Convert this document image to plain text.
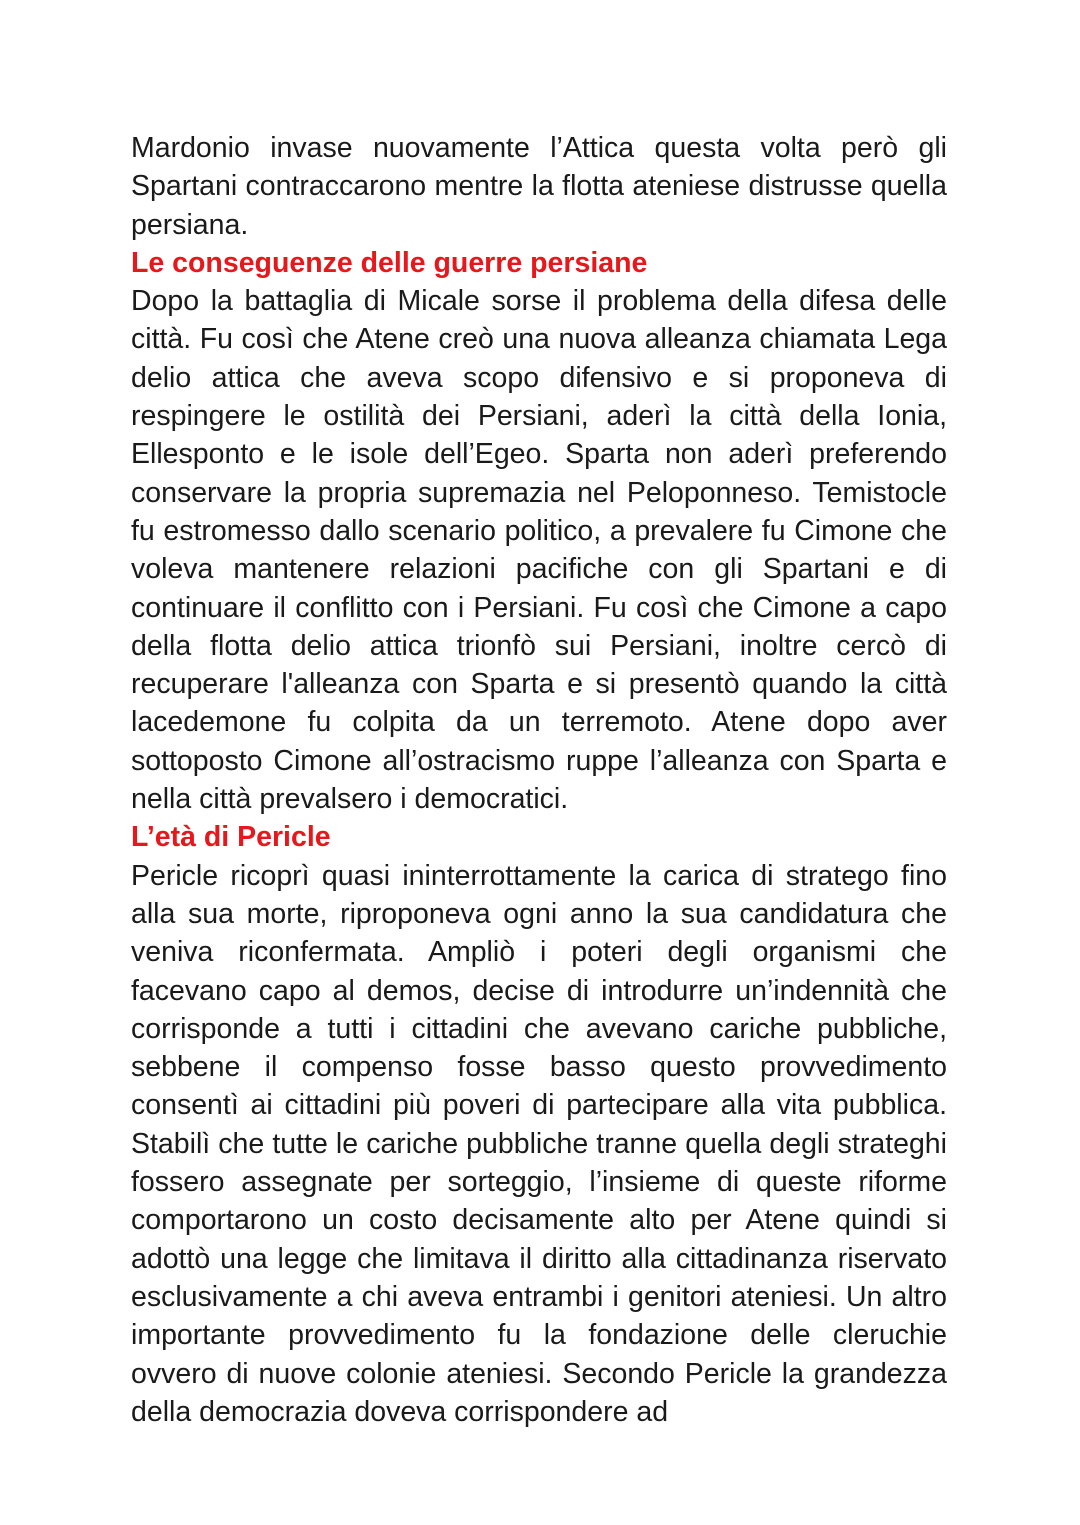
Mardonio invase nuovamente l’Attica questa volta però gli Spartani contraccarono mentre la flotta ateniese distrusse quella persiana.

Le conseguenze delle guerre persiane

Dopo la battaglia di Micale sorse il problema della difesa delle città. Fu così che Atene creò una nuova alleanza chiamata Lega delio attica che aveva scopo difensivo e si proponeva di respingere le ostilità dei Persiani, aderì la città della Ionia, Ellesponto e le isole dell’Egeo. Sparta non aderì preferendo conservare la propria supremazia nel Peloponneso. Temistocle fu estromesso dallo scenario politico, a prevalere fu Cimone che voleva mantenere relazioni pacifiche con gli Spartani e di continuare il conflitto con i Persiani. Fu così che Cimone a capo della flotta delio attica trionfò sui Persiani, inoltre cercò di recuperare l'alleanza con Sparta e si presentò quando la città lacedemone fu colpita da un terremoto. Atene dopo aver sottoposto Cimone all’ostracismo ruppe l’alleanza con Sparta e nella città prevalsero i democratici.

L’età di Pericle

Pericle ricoprì quasi ininterrottamente la carica di stratego fino alla sua morte, riproponeva ogni anno la sua candidatura che veniva riconfermata. Ampliò i poteri degli organismi che facevano capo al demos, decise di introdurre un’indennità che corrisponde a tutti i cittadini che avevano cariche pubbliche, sebbene il compenso fosse basso questo provvedimento consentì ai cittadini più poveri di partecipare alla vita pubblica. Stabilì che tutte le cariche pubbliche tranne quella degli strateghi fossero assegnate per sorteggio, l’insieme di queste riforme comportarono un costo decisamente alto per Atene quindi si adottò una legge che limitava il diritto alla cittadinanza riservato esclusivamente a chi aveva entrambi i genitori ateniesi. Un altro importante provvedimento fu la fondazione delle cleruchie ovvero di nuove colonie ateniesi. Secondo Pericle la grandezza della democrazia doveva corrispondere ad
